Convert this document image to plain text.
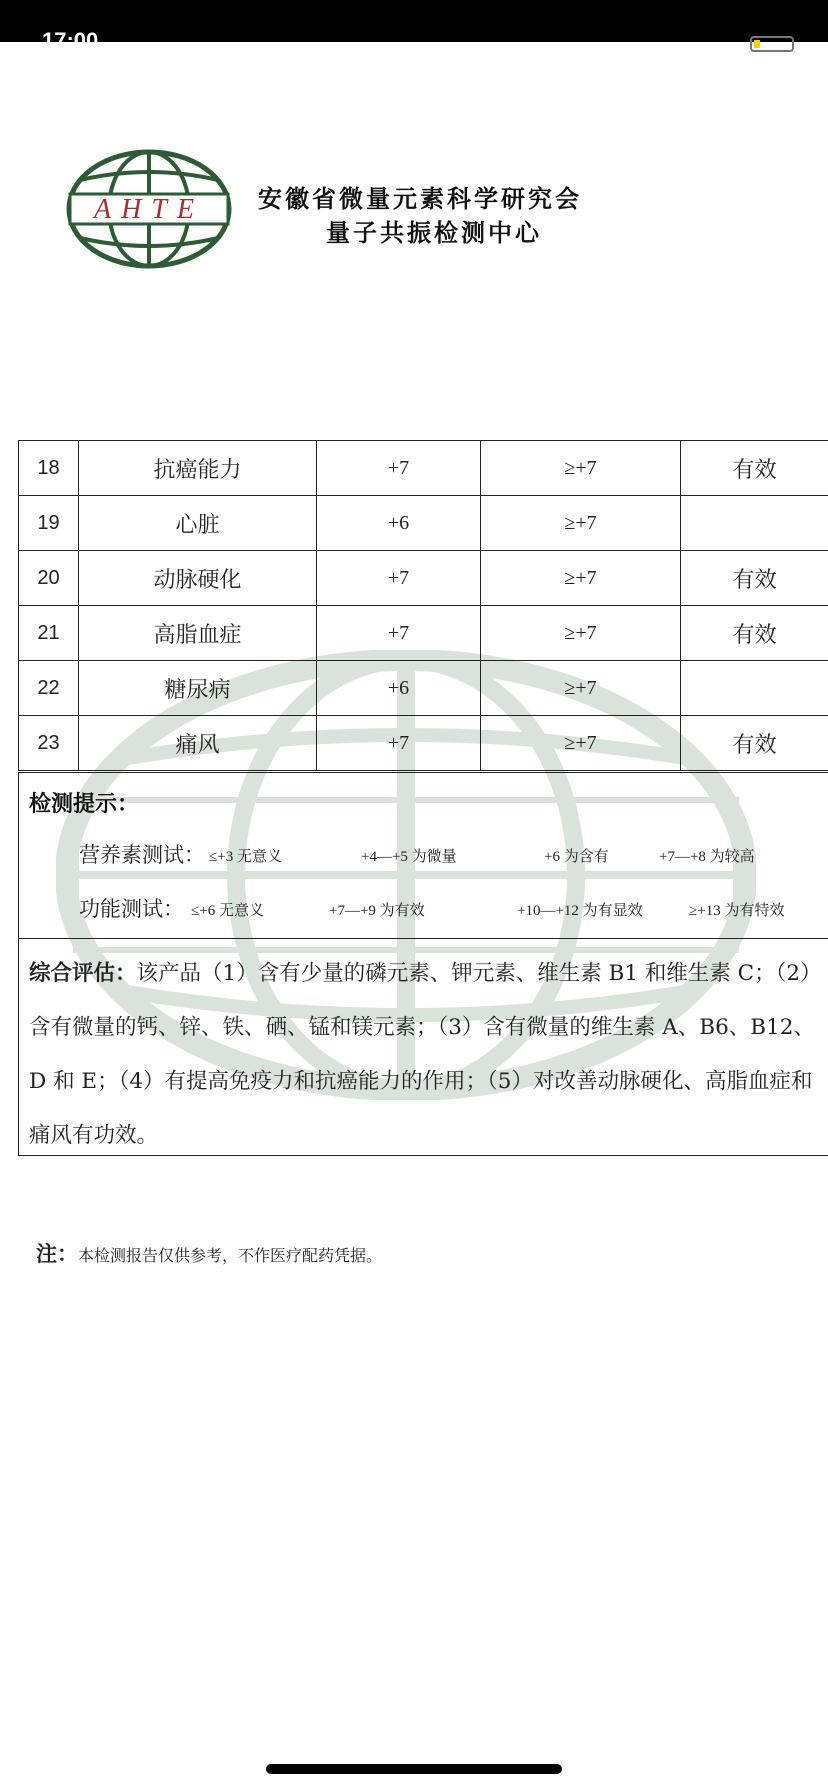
17:00
AHTE 安徽省微量元素科学研究会
量子共振检测中心
18	抗癌能力	+7	≥+7	有效
19	心脏	+6	≥+7	
20	动脉硬化	+7	≥+7	有效
21	高脂血症	+7	≥+7	有效
22	糖尿病	+6	≥+7	
23	痛风	+7	≥+7	有效
检测提示：
营养素测试： ≤+3 无意义	+4—+5 为微量	+6 为含有	+7—+8 为较高
功能测试： ≤+6 无意义	+7—+9 为有效	+10—+12 为有显效	≥+13 为有特效
综合评估：该产品（1）含有少量的磷元素、钾元素、维生素 B1 和维生素 C；（2）含有微量的钙、锌、铁、硒、锰和镁元素；（3）含有微量的维生素 A、B6、B12、D 和 E；（4）有提高免疫力和抗癌能力的作用；（5）对改善动脉硬化、高脂血症和痛风有功效。
注：本检测报告仅供参考，不作医疗配药凭据。
